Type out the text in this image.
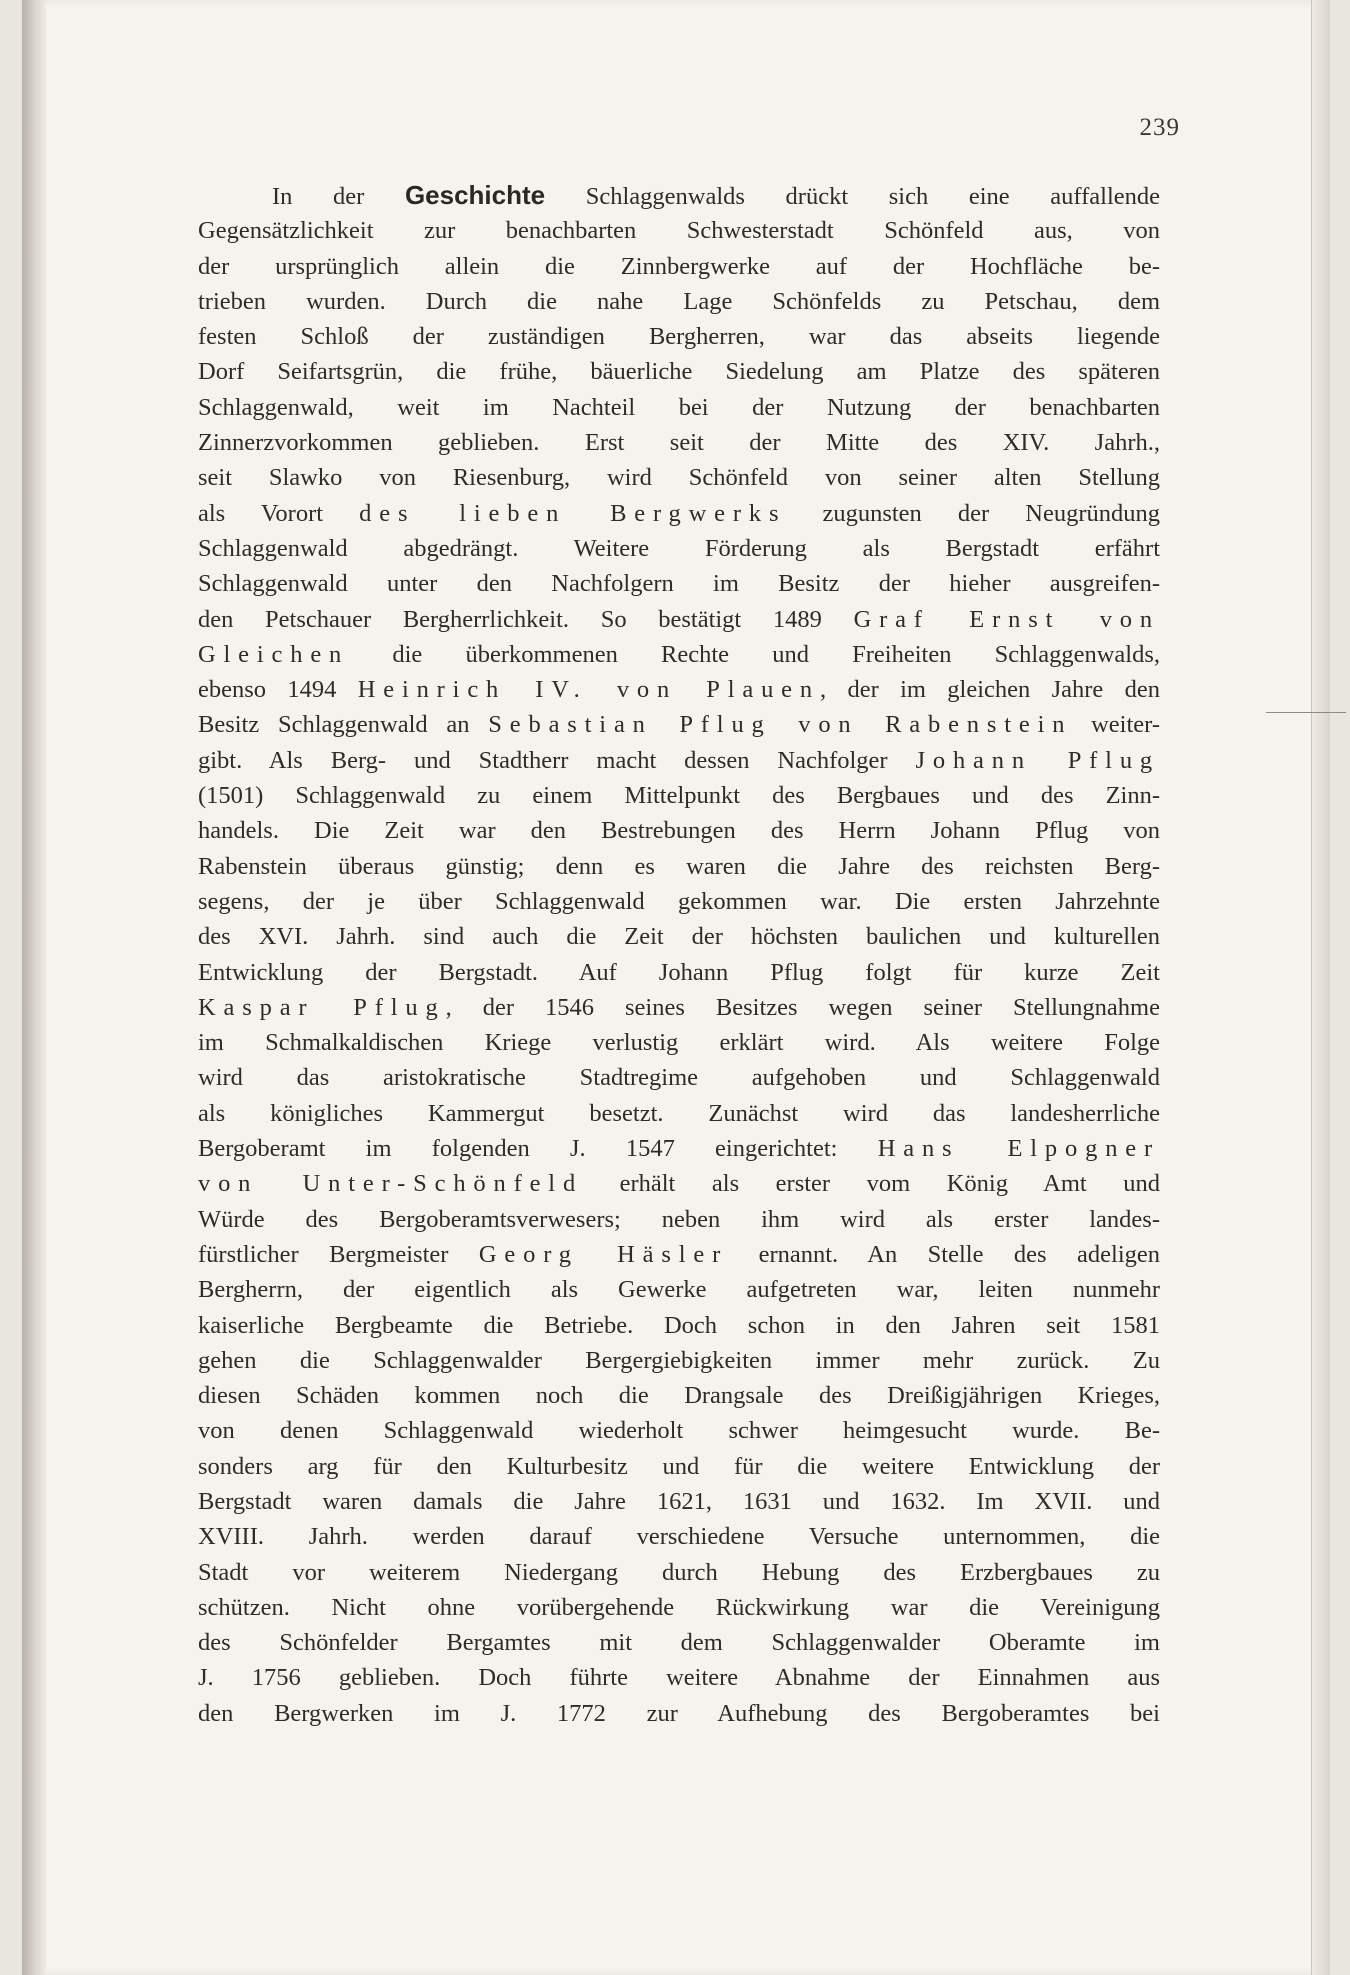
239
In der Geschichte Schlaggenwalds drückt sich eine auffallende
Gegensätzlichkeit zur benachbarten Schwesterstadt Schönfeld aus, von
der ursprünglich allein die Zinnbergwerke auf der Hochfläche be-
trieben wurden. Durch die nahe Lage Schönfelds zu Petschau, dem
festen Schloß der zuständigen Bergherren, war das abseits liegende
Dorf Seifartsgrün, die frühe, bäuerliche Siedelung am Platze des späteren
Schlaggenwald, weit im Nachteil bei der Nutzung der benachbarten
Zinnerzvorkommen geblieben. Erst seit der Mitte des XIV. Jahrh.,
seit Slawko von Riesenburg, wird Schönfeld von seiner alten Stellung
als Vorort des lieben Bergwerks zugunsten der Neugründung
Schlaggenwald abgedrängt. Weitere Förderung als Bergstadt erfährt
Schlaggenwald unter den Nachfolgern im Besitz der hieher ausgreifen-
den Petschauer Bergherrlichkeit. So bestätigt 1489 Graf Ernst von
Gleichen die überkommenen Rechte und Freiheiten Schlaggenwalds,
ebenso 1494 Heinrich IV. von Plauen, der im gleichen Jahre den
Besitz Schlaggenwald an Sebastian Pflug von Rabenstein weiter-
gibt. Als Berg- und Stadtherr macht dessen Nachfolger Johann Pflug
(1501) Schlaggenwald zu einem Mittelpunkt des Bergbaues und des Zinn-
handels. Die Zeit war den Bestrebungen des Herrn Johann Pflug von
Rabenstein überaus günstig; denn es waren die Jahre des reichsten Berg-
segens, der je über Schlaggenwald gekommen war. Die ersten Jahrzehnte
des XVI. Jahrh. sind auch die Zeit der höchsten baulichen und kulturellen
Entwicklung der Bergstadt. Auf Johann Pflug folgt für kurze Zeit
Kaspar Pflug, der 1546 seines Besitzes wegen seiner Stellungnahme
im Schmalkaldischen Kriege verlustig erklärt wird. Als weitere Folge
wird das aristokratische Stadtregime aufgehoben und Schlaggenwald
als königliches Kammergut besetzt. Zunächst wird das landesherrliche
Bergoberamt im folgenden J. 1547 eingerichtet: Hans Elpogner
von Unter-Schönfeld erhält als erster vom König Amt und
Würde des Bergoberamtsverwesers; neben ihm wird als erster landes-
fürstlicher Bergmeister Georg Häsler ernannt. An Stelle des adeligen
Bergherrn, der eigentlich als Gewerke aufgetreten war, leiten nunmehr
kaiserliche Bergbeamte die Betriebe. Doch schon in den Jahren seit 1581
gehen die Schlaggenwalder Bergergiebigkeiten immer mehr zurück. Zu
diesen Schäden kommen noch die Drangsale des Dreißigjährigen Krieges,
von denen Schlaggenwald wiederholt schwer heimgesucht wurde. Be-
sonders arg für den Kulturbesitz und für die weitere Entwicklung der
Bergstadt waren damals die Jahre 1621, 1631 und 1632. Im XVII. und
XVIII. Jahrh. werden darauf verschiedene Versuche unternommen, die
Stadt vor weiterem Niedergang durch Hebung des Erzbergbaues zu
schützen. Nicht ohne vorübergehende Rückwirkung war die Vereinigung
des Schönfelder Bergamtes mit dem Schlaggenwalder Oberamte im
J. 1756 geblieben. Doch führte weitere Abnahme der Einnahmen aus
den Bergwerken im J. 1772 zur Aufhebung des Bergoberamtes bei
